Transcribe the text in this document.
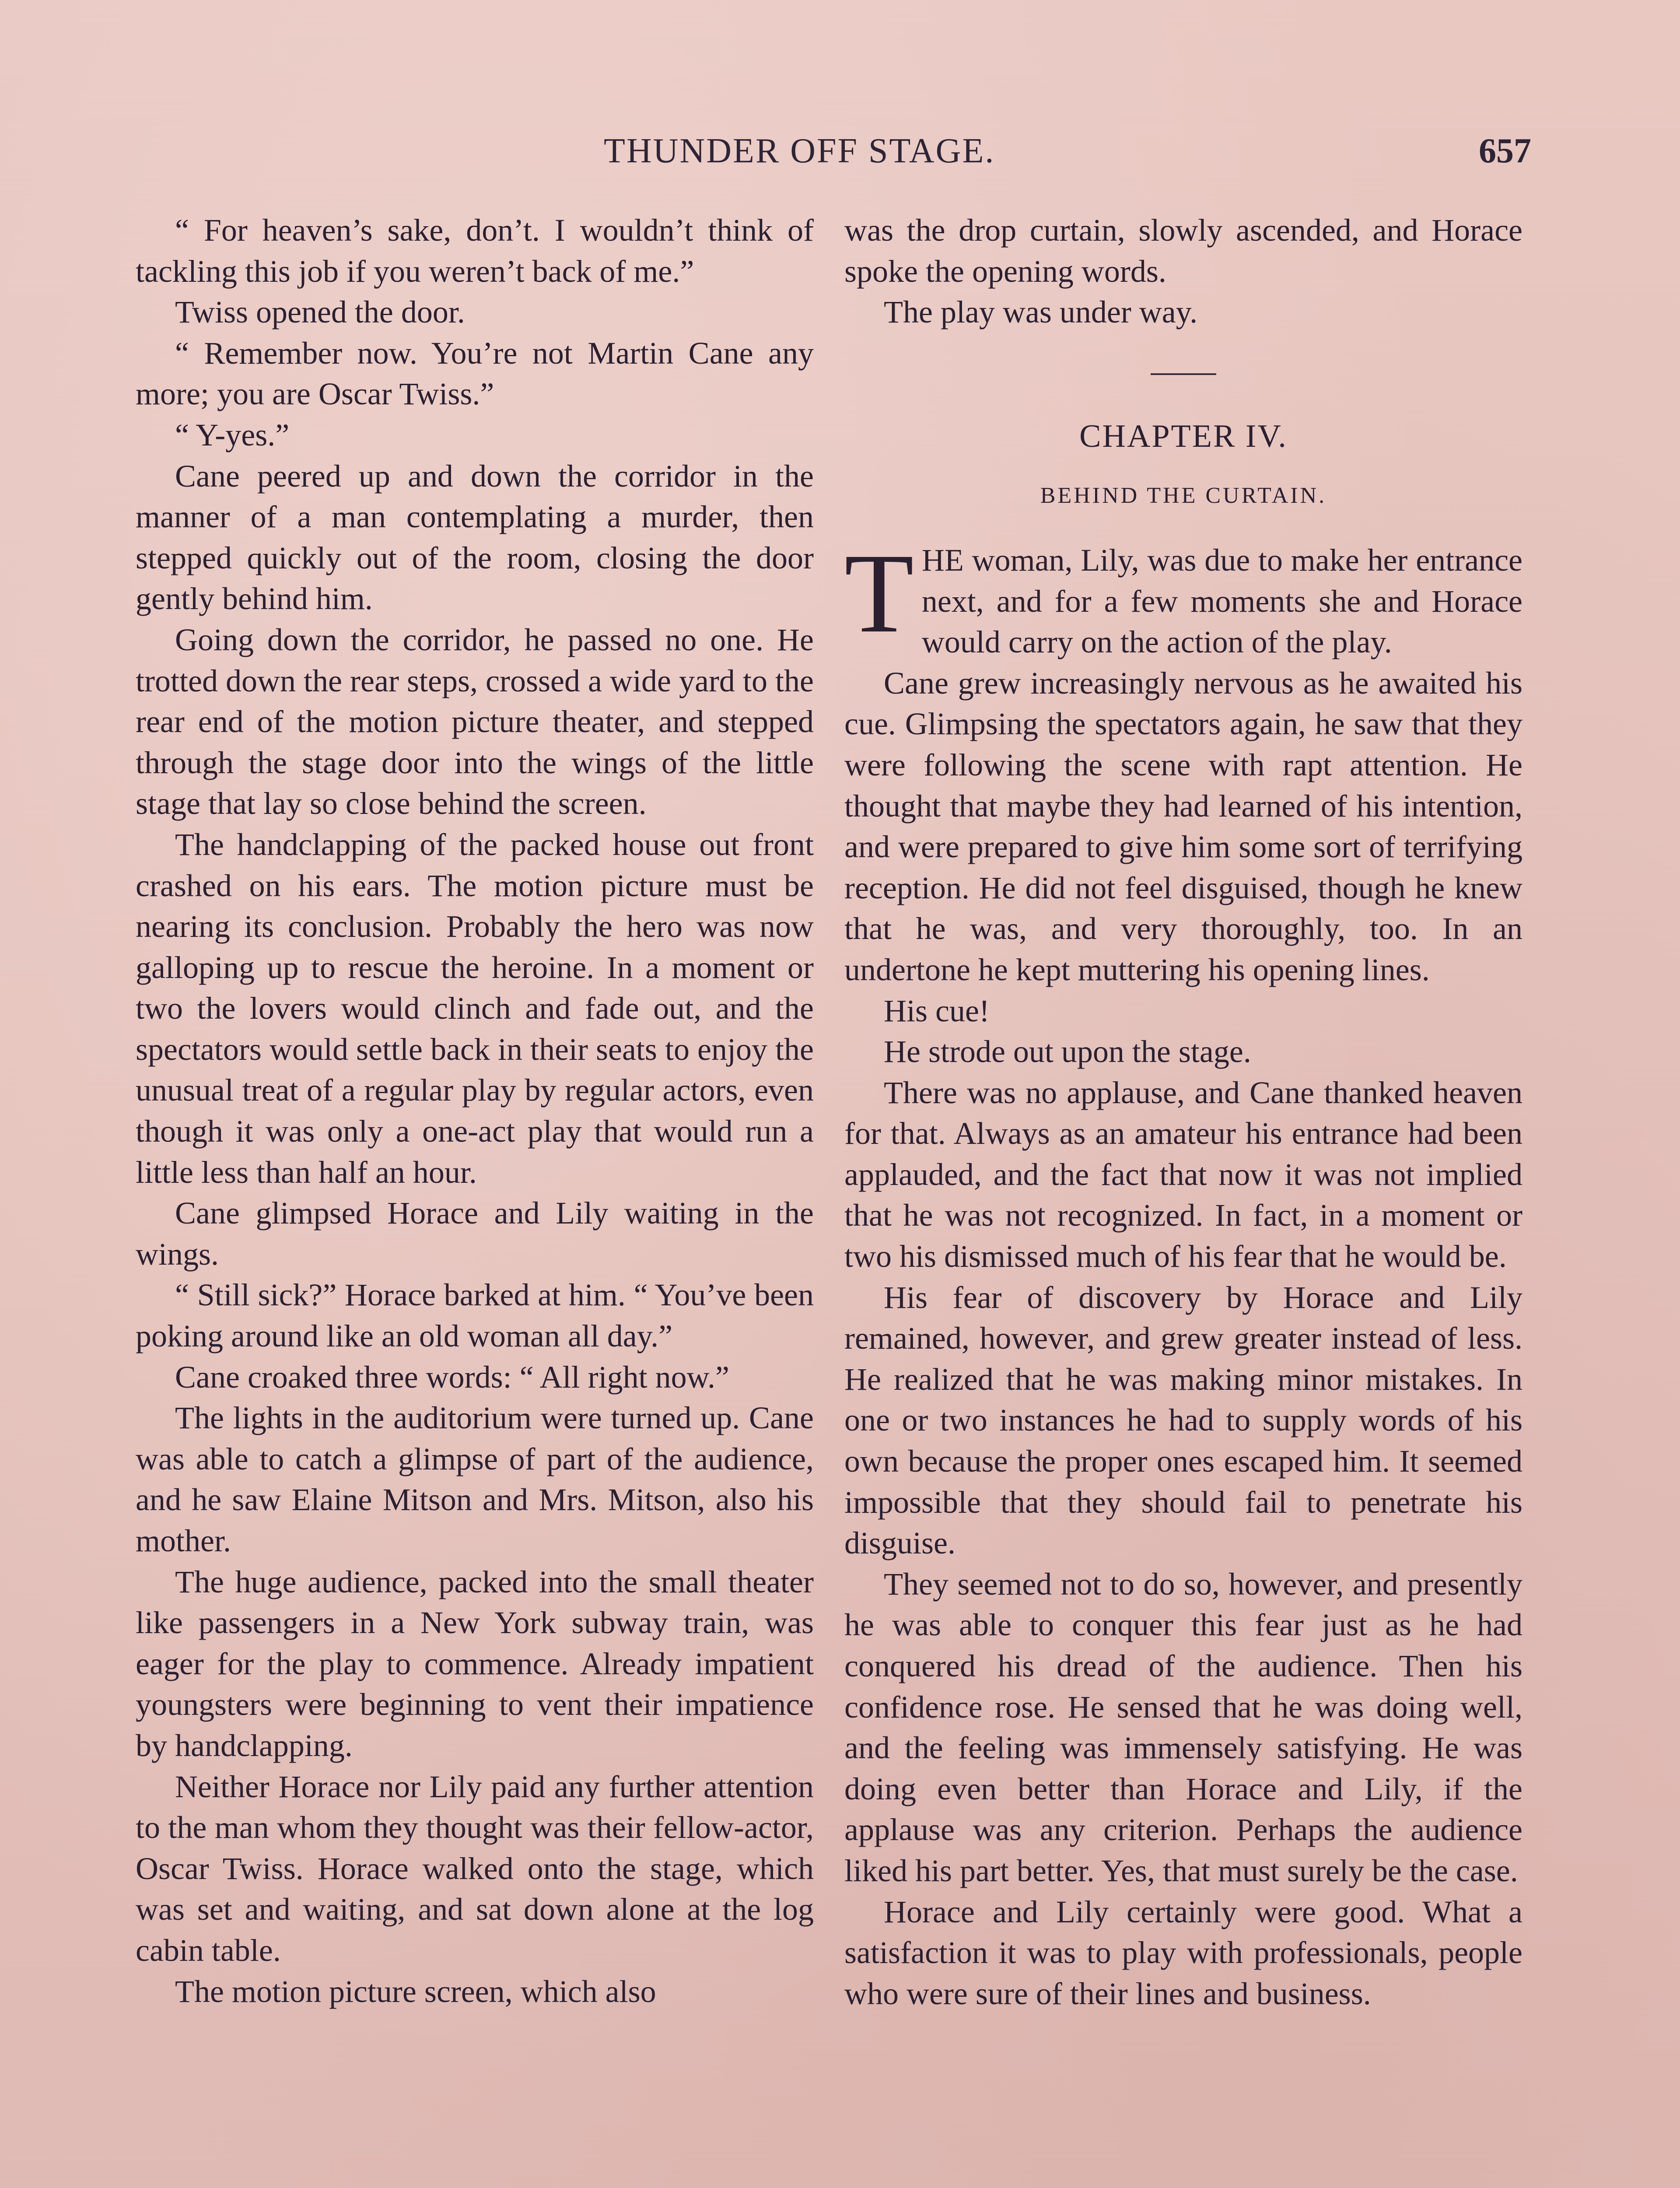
THUNDER OFF STAGE.	657

“ For heaven’s sake, don’t. I wouldn’t think of tackling this job if you weren’t back of me.”

Twiss opened the door.

“ Remember now. You’re not Martin Cane any more; you are Oscar Twiss.”

“ Y-yes.”

Cane peered up and down the corridor in the manner of a man contemplating a murder, then stepped quickly out of the room, closing the door gently behind him.

Going down the corridor, he passed no one. He trotted down the rear steps, crossed a wide yard to the rear end of the motion picture theater, and stepped through the stage door into the wings of the little stage that lay so close behind the screen.

The handclapping of the packed house out front crashed on his ears. The motion picture must be nearing its conclusion. Probably the hero was now galloping up to rescue the heroine. In a moment or two the lovers would clinch and fade out, and the spectators would settle back in their seats to enjoy the unusual treat of a regular play by regular actors, even though it was only a one-act play that would run a little less than half an hour.

Cane glimpsed Horace and Lily waiting in the wings.

“ Still sick?” Horace barked at him. “ You’ve been poking around like an old woman all day.”

Cane croaked three words: “ All right now.”

The lights in the auditorium were turned up. Cane was able to catch a glimpse of part of the audience, and he saw Elaine Mitson and Mrs. Mitson, also his mother.

The huge audience, packed into the small theater like passengers in a New York subway train, was eager for the play to commence. Already impatient youngsters were beginning to vent their impatience by handclapping.

Neither Horace nor Lily paid any further attention to the man whom they thought was their fellow-actor, Oscar Twiss. Horace walked onto the stage, which was set and waiting, and sat down alone at the log cabin table.

The motion picture screen, which also

was the drop curtain, slowly ascended, and Horace spoke the opening words.

The play was under way.

CHAPTER IV.

BEHIND THE CURTAIN.

THE woman, Lily, was due to make her entrance next, and for a few moments she and Horace would carry on the action of the play.

Cane grew increasingly nervous as he awaited his cue. Glimpsing the spectators again, he saw that they were following the scene with rapt attention. He thought that maybe they had learned of his intention, and were prepared to give him some sort of terrifying reception. He did not feel disguised, though he knew that he was, and very thoroughly, too. In an undertone he kept muttering his opening lines.

His cue!

He strode out upon the stage.

There was no applause, and Cane thanked heaven for that. Always as an amateur his entrance had been applauded, and the fact that now it was not implied that he was not recognized. In fact, in a moment or two his dismissed much of his fear that he would be.

His fear of discovery by Horace and Lily remained, however, and grew greater instead of less. He realized that he was making minor mistakes. In one or two instances he had to supply words of his own because the proper ones escaped him. It seemed impossible that they should fail to penetrate his disguise.

They seemed not to do so, however, and presently he was able to conquer this fear just as he had conquered his dread of the audience. Then his confidence rose. He sensed that he was doing well, and the feeling was immensely satisfying. He was doing even better than Horace and Lily, if the applause was any criterion. Perhaps the audience liked his part better. Yes, that must surely be the case.

Horace and Lily certainly were good. What a satisfaction it was to play with professionals, people who were sure of their lines and business.
